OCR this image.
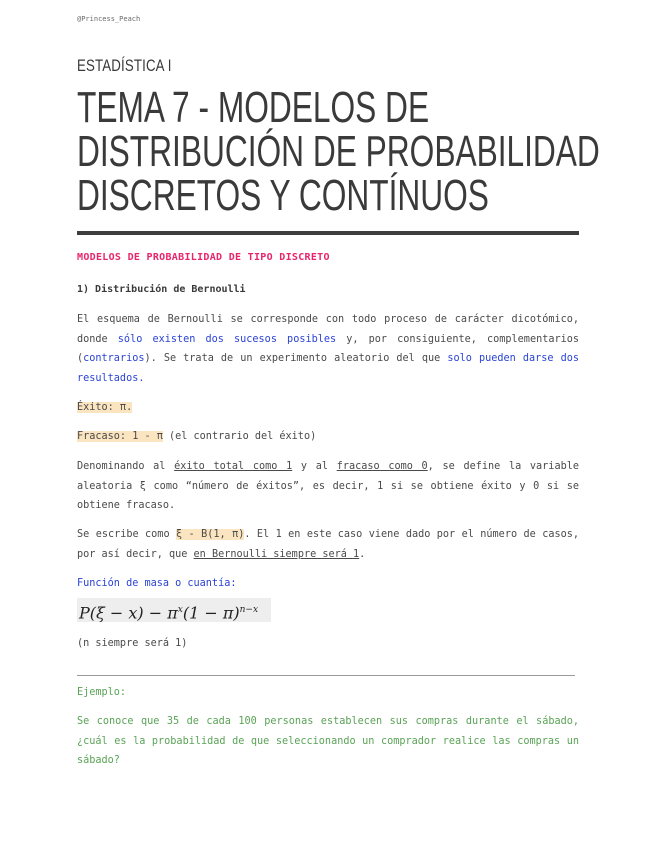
@Princess_Peach
ESTADÍSTICA I
TEMA 7 - MODELOS DE
DISTRIBUCIÓN DE PROBABILIDAD
DISCRETOS Y CONTÍNUOS
MODELOS DE PROBABILIDAD DE TIPO DISCRETO
1) Distribución de Bernoulli
El esquema de Bernoulli se corresponde con todo proceso de carácter dicotómico, donde sólo existen dos sucesos posibles y, por consiguiente, complementarios (contrarios). Se trata de un experimento aleatorio del que solo pueden darse dos resultados.
Éxito: π.
Fracaso: 1 - π (el contrario del éxito)
Denominando al éxito total como 1 y al fracaso como 0, se define la variable aleatoria ξ como “número de éxitos”, es decir, 1 si se obtiene éxito y 0 si se obtiene fracaso.
Se escribe como ξ - B(1, π). El 1 en este caso viene dado por el número de casos, por así decir, que en Bernoulli siempre será 1.
Función de masa o cuantía:
$P(\xi - x) - \pi^x(1 - \pi)^{n-x}$
(n siempre será 1)
Ejemplo:
Se conoce que 35 de cada 100 personas establecen sus compras durante el sábado, ¿cuál es la probabilidad de que seleccionando un comprador realice las compras un sábado?
